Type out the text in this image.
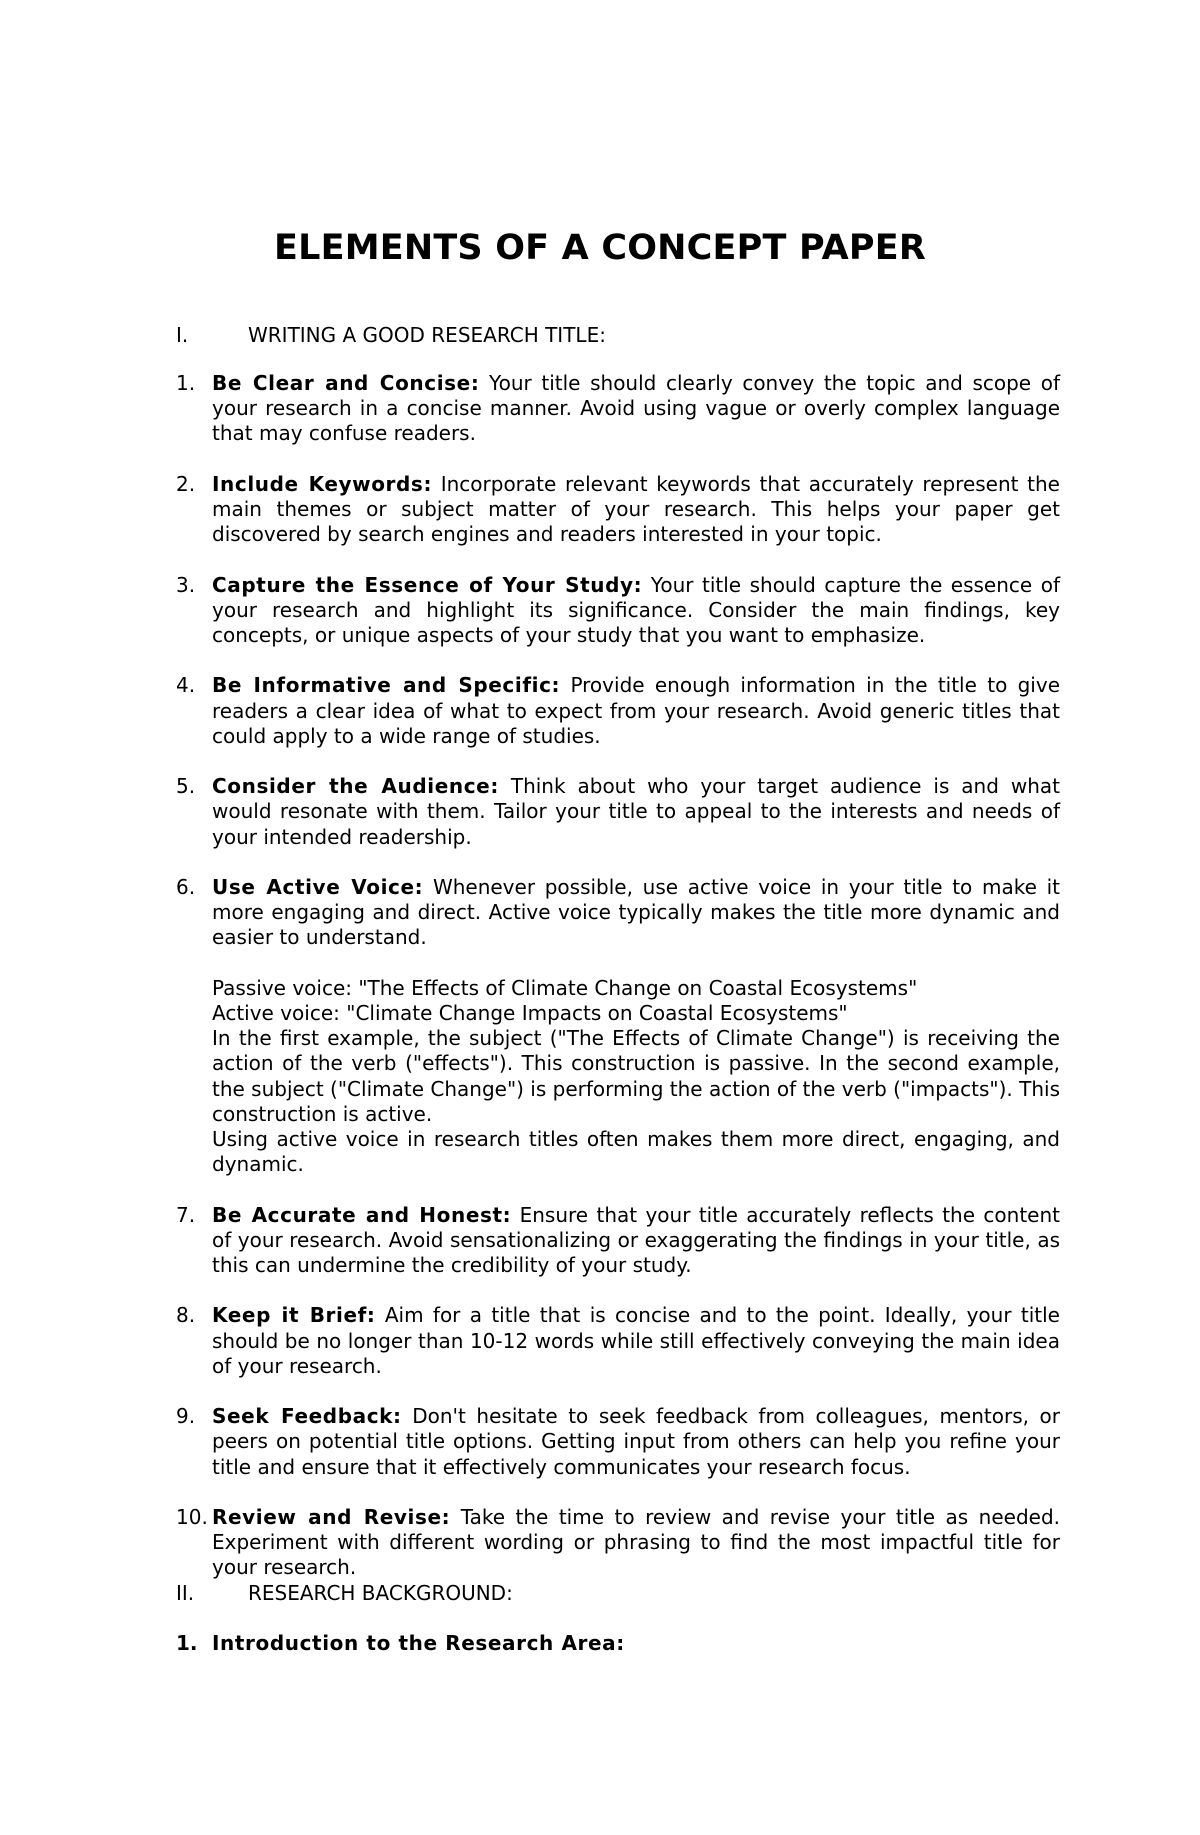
ELEMENTS OF A CONCEPT PAPER
I.	WRITING A GOOD RESEARCH TITLE:
1. Be Clear and Concise: Your title should clearly convey the topic and scope of your research in a concise manner. Avoid using vague or overly complex language that may confuse readers.
2. Include Keywords: Incorporate relevant keywords that accurately represent the main themes or subject matter of your research. This helps your paper get discovered by search engines and readers interested in your topic.
3. Capture the Essence of Your Study: Your title should capture the essence of your research and highlight its significance. Consider the main findings, key concepts, or unique aspects of your study that you want to emphasize.
4. Be Informative and Specific: Provide enough information in the title to give readers a clear idea of what to expect from your research. Avoid generic titles that could apply to a wide range of studies.
5. Consider the Audience: Think about who your target audience is and what would resonate with them. Tailor your title to appeal to the interests and needs of your intended readership.
6. Use Active Voice: Whenever possible, use active voice in your title to make it more engaging and direct. Active voice typically makes the title more dynamic and easier to understand.
Passive voice: "The Effects of Climate Change on Coastal Ecosystems"
Active voice: "Climate Change Impacts on Coastal Ecosystems"
In the first example, the subject ("The Effects of Climate Change") is receiving the action of the verb ("effects"). This construction is passive. In the second example, the subject ("Climate Change") is performing the action of the verb ("impacts"). This construction is active.
Using active voice in research titles often makes them more direct, engaging, and dynamic.
7. Be Accurate and Honest: Ensure that your title accurately reflects the content of your research. Avoid sensationalizing or exaggerating the findings in your title, as this can undermine the credibility of your study.
8. Keep it Brief: Aim for a title that is concise and to the point. Ideally, your title should be no longer than 10-12 words while still effectively conveying the main idea of your research.
9. Seek Feedback: Don't hesitate to seek feedback from colleagues, mentors, or peers on potential title options. Getting input from others can help you refine your title and ensure that it effectively communicates your research focus.
10. Review and Revise: Take the time to review and revise your title as needed. Experiment with different wording or phrasing to find the most impactful title for your research.
II.	RESEARCH BACKGROUND:
1. Introduction to the Research Area:
